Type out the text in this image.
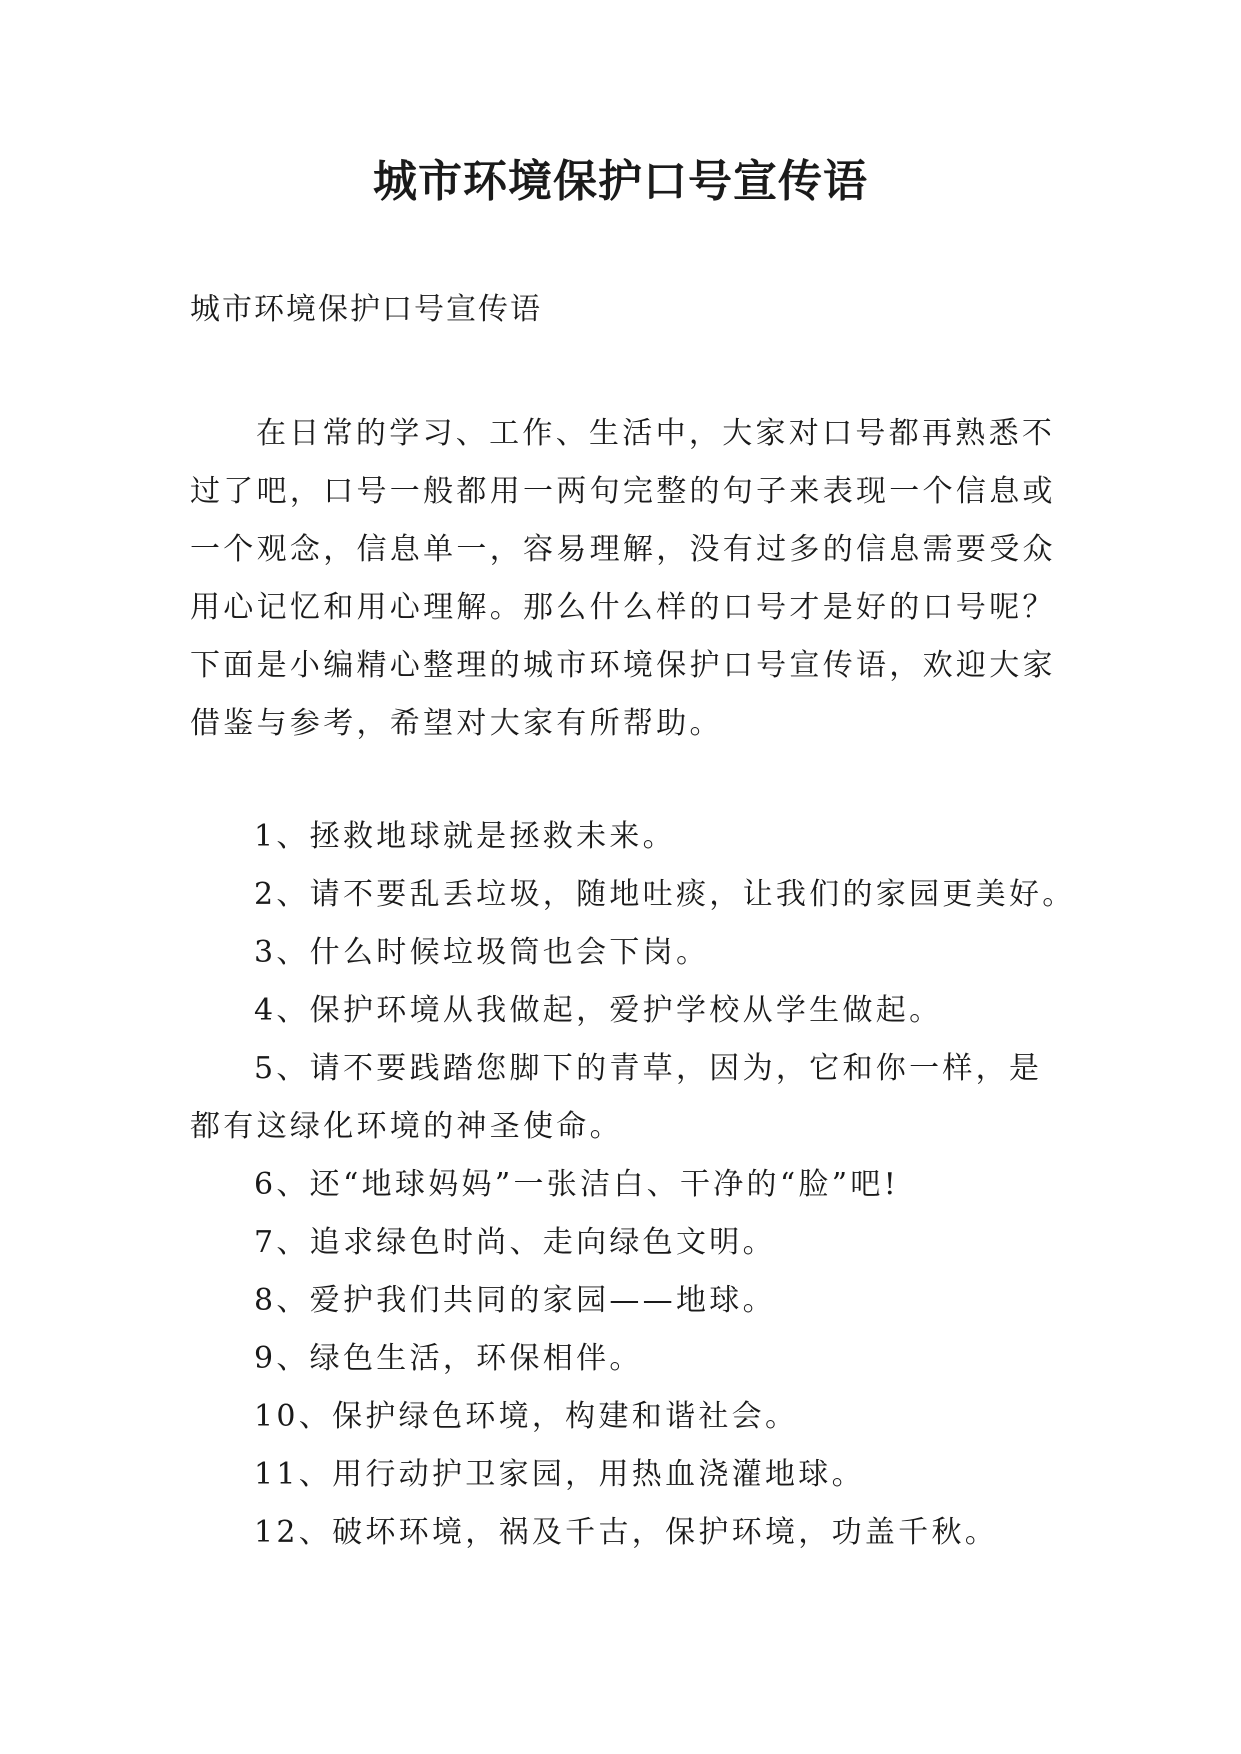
城市环境保护口号宣传语

城市环境保护口号宣传语

在日常的学习、工作、生活中，大家对口号都再熟悉不
过了吧，口号一般都用一两句完整的句子来表现一个信息或
一个观念，信息单一，容易理解，没有过多的信息需要受众
用心记忆和用心理解。那么什么样的口号才是好的口号呢？
下面是小编精心整理的城市环境保护口号宣传语，欢迎大家
借鉴与参考，希望对大家有所帮助。
1、拯救地球就是拯救未来。
2、请不要乱丢垃圾，随地吐痰，让我们的家园更美好。
3、什么时候垃圾筒也会下岗。
4、保护环境从我做起，爱护学校从学生做起。
5、请不要践踏您脚下的青草，因为，它和你一样，是
都有这绿化环境的神圣使命。
6、还“地球妈妈”一张洁白、干净的“脸”吧!
7、追求绿色时尚、走向绿色文明。
8、爱护我们共同的家园——地球。
9、绿色生活，环保相伴。
10、保护绿色环境，构建和谐社会。
11、用行动护卫家园，用热血浇灌地球。
12、破坏环境，祸及千古，保护环境，功盖千秋。
